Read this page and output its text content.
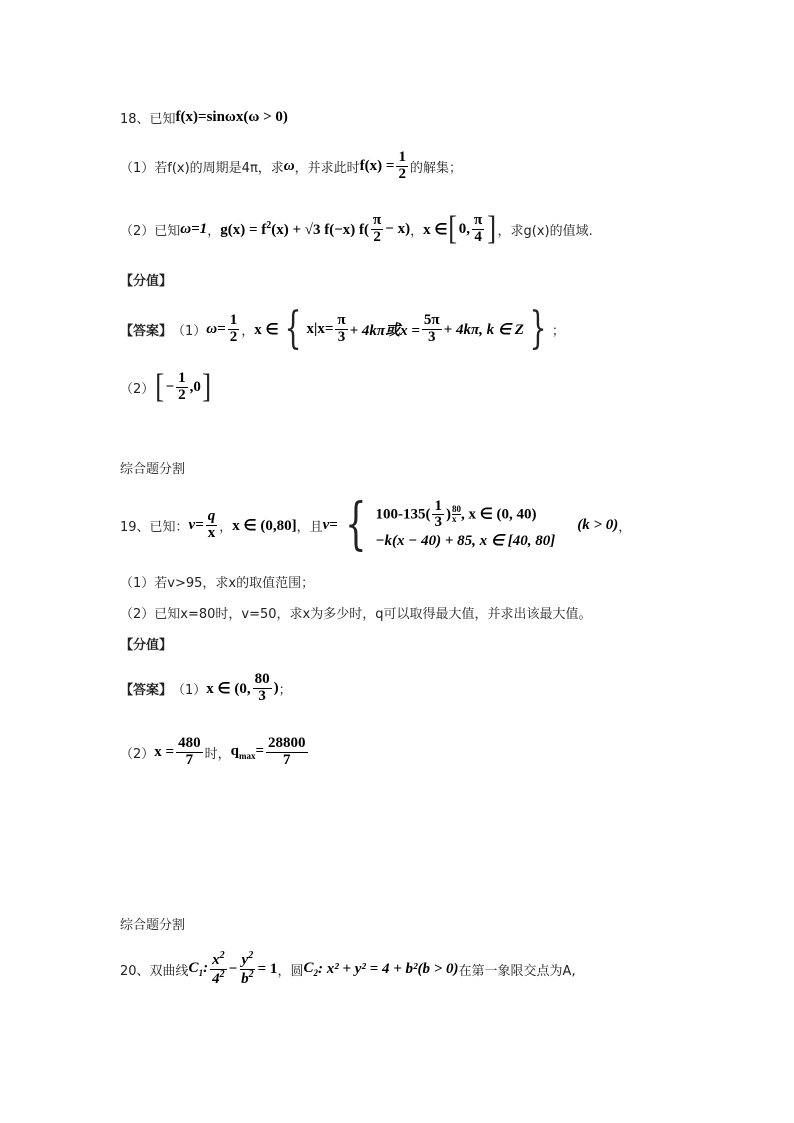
18、已知 f(x)=sinωx(ω > 0)
（1）若f(x)的周期是4π，求 ω ，并求此时 $f(x) = \frac{1}{2}$ 的解集；
（2）已知 ω=1 ， $g(x) = f^2(x) + √3$ f(−x) $f( \frac{\pi}{2} - x)$ ， x ∈ [ 0, $\frac{\pi}{4}$ ] ，求g(x)的值域.
【分值】
【答案】 （1） $\omega= \frac{1}{2}$ ， x ∈ { $x|x= \frac{\pi}{3} + 4k\pi$或$x = \frac{5\pi}{3} + 4k\pi$, k ∈ Z } ；
（2） [ − $\frac{1}{2} ,0$ ]
综合题分割
19、已知： $v= \frac{q}{x}$ ， x ∈ (0,80] ，且 v= { $100-135( \frac{1}{3}$ ) $\frac{80}{x}$ , x ∈ (0, 40)
−k(x − 40) + 85, x ∈ [40, 80]
(k > 0) ，
（1）若v>95，求x的取值范围；
（2）已知x=80时，v=50，求x为多少时，q可以取得最大值，并求出该最大值。
【分值】
【答案】 （1） x ∈ (0, $\frac{80}{3}$ ) ；
（2） $x = \frac{480}{7}$ 时， $q_{max}= \frac{28800}{7}$
综合题分割
20、双曲线 $C_1$: $\frac{x^2}{4^2} - \frac{y^2}{b^2} = 1$ ，圆 $C_2$ : x² + y² = 4 + b²(b > 0) 在第一象限交点为A,
